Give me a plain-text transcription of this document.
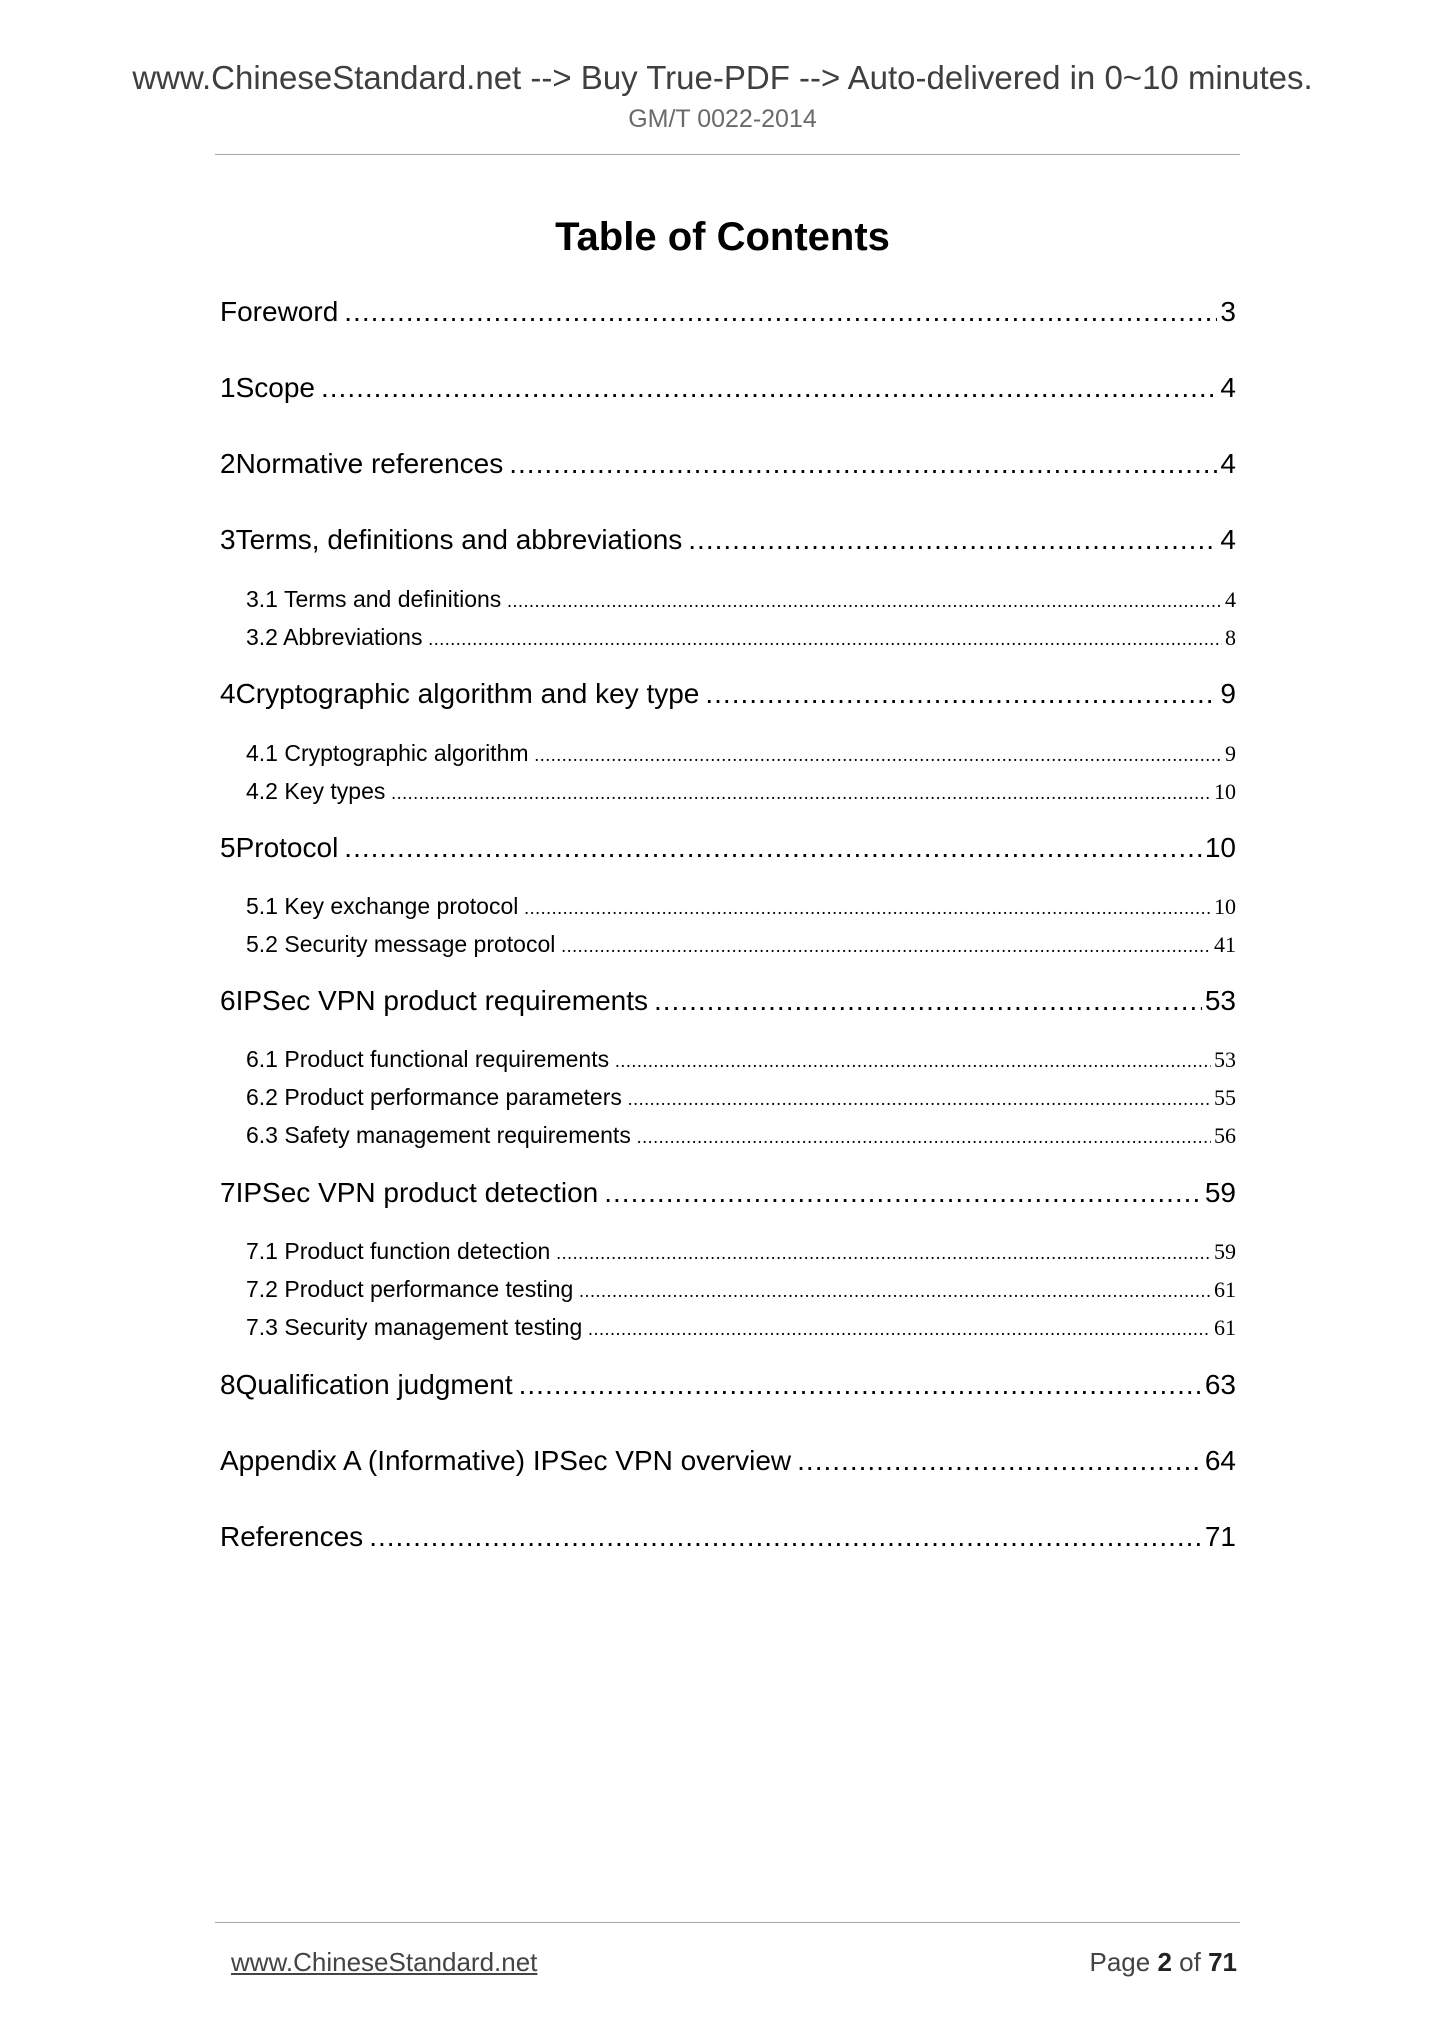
www.ChineseStandard.net --> Buy True-PDF --> Auto-delivered in 0~10 minutes.
GM/T 0022-2014
Table of Contents
Foreword .....	3
1 Scope .....	4
2 Normative references .....	4
3 Terms, definitions and abbreviations .....	4
3.1 Terms and definitions .....	4
3.2 Abbreviations .....	8
4 Cryptographic algorithm and key type .....	9
4.1 Cryptographic algorithm .....	9
4.2 Key types .....	10
5 Protocol .....	10
5.1 Key exchange protocol .....	10
5.2 Security message protocol .....	41
6 IPSec VPN product requirements .....	53
6.1 Product functional requirements .....	53
6.2 Product performance parameters .....	55
6.3 Safety management requirements .....	56
7 IPSec VPN product detection .....	59
7.1 Product function detection .....	59
7.2 Product performance testing .....	61
7.3 Security management testing .....	61
8 Qualification judgment .....	63
Appendix A (Informative) IPSec VPN overview .....	64
References .....	71
www.ChineseStandard.net	Page 2 of 71
